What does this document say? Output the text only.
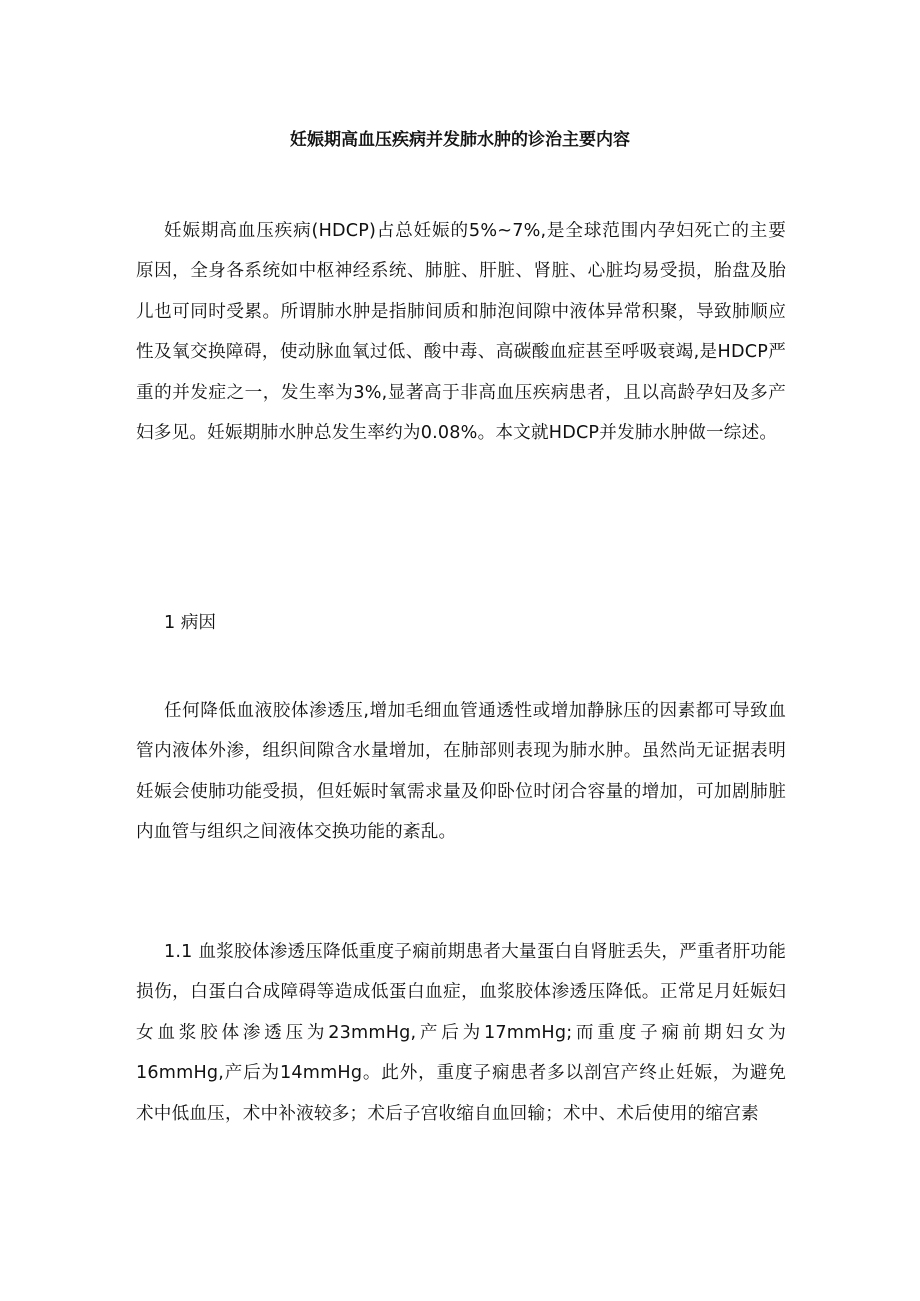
妊娠期高血压疾病并发肺水肿的诊治主要内容

妊娠期高血压疾病(HDCP)占总妊娠的5%~7%,是全球范围内孕妇死亡的主要原因，全身各系统如中枢神经系统、肺脏、肝脏、肾脏、心脏均易受损，胎盘及胎儿也可同时受累。所谓肺水肿是指肺间质和肺泡间隙中液体异常积聚，导致肺顺应性及氧交换障碍，使动脉血氧过低、酸中毒、高碳酸血症甚至呼吸衰竭,是HDCP严重的并发症之一，发生率为3%,显著高于非高血压疾病患者，且以高龄孕妇及多产妇多见。妊娠期肺水肿总发生率约为0.08%。本文就HDCP并发肺水肿做一综述。

1 病因

任何降低血液胶体渗透压,增加毛细血管通透性或增加静脉压的因素都可导致血管内液体外渗，组织间隙含水量增加，在肺部则表现为肺水肿。虽然尚无证据表明妊娠会使肺功能受损，但妊娠时氧需求量及仰卧位时闭合容量的增加，可加剧肺脏内血管与组织之间液体交换功能的紊乱。

1.1 血浆胶体渗透压降低重度子痫前期患者大量蛋白自肾脏丢失，严重者肝功能损伤，白蛋白合成障碍等造成低蛋白血症，血浆胶体渗透压降低。正常足月妊娠妇女血浆胶体渗透压为23mmHg,产后为17mmHg;而重度子痫前期妇女为16mmHg,产后为14mmHg。此外，重度子痫患者多以剖宫产终止妊娠，为避免术中低血压，术中补液较多；术后子宫收缩自血回输；术中、术后使用的缩宫素
